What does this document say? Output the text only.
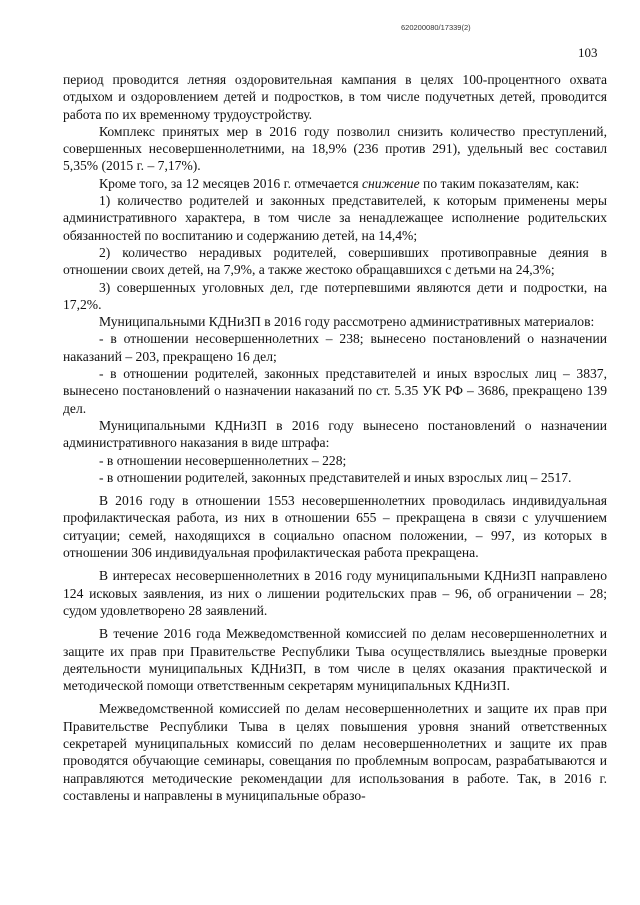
620200080/17339(2)
103

период проводится летняя оздоровительная кампания в целях 100-процентного охвата отдыхом и оздоровлением детей и подростков, в том числе подучетных детей, проводится работа по их временному трудоустройству.

Комплекс принятых мер в 2016 году позволил снизить количество преступлений, совершенных несовершеннолетними, на 18,9% (236 против 291), удельный вес составил 5,35% (2015 г. – 7,17%).

Кроме того, за 12 месяцев 2016 г. отмечается снижение по таким показателям, как:

1) количество родителей и законных представителей, к которым применены меры административного характера, в том числе за ненадлежащее исполнение родительских обязанностей по воспитанию и содержанию детей, на 14,4%;

2) количество нерадивых родителей, совершивших противоправные деяния в отношении своих детей, на 7,9%, а также жестоко обращавшихся с детьми на 24,3%;

3) совершенных уголовных дел, где потерпевшими являются дети и подростки, на 17,2%.

Муниципальными КДНиЗП в 2016 году рассмотрено административных материалов:

- в отношении несовершеннолетних – 238; вынесено постановлений о назначении наказаний – 203, прекращено 16 дел;

- в отношении родителей, законных представителей и иных взрослых лиц – 3837, вынесено постановлений о назначении наказаний по ст. 5.35 УК РФ – 3686, прекращено 139 дел.

Муниципальными КДНиЗП в 2016 году вынесено постановлений о назначении административного наказания в виде штрафа:

- в отношении несовершеннолетних – 228;

- в отношении родителей, законных представителей и иных взрослых лиц – 2517.

В 2016 году в отношении 1553 несовершеннолетних проводилась индивидуальная профилактическая работа, из них в отношении 655 – прекращена в связи с улучшением ситуации; семей, находящихся в социально опасном положении, – 997, из которых в отношении 306 индивидуальная профилактическая работа прекращена.

В интересах несовершеннолетних в 2016 году муниципальными КДНиЗП направлено 124 исковых заявления, из них о лишении родительских прав – 96, об ограничении – 28; судом удовлетворено 28 заявлений.

В течение 2016 года Межведомственной комиссией по делам несовершеннолетних и защите их прав при Правительстве Республики Тыва осуществлялись выездные проверки деятельности муниципальных КДНиЗП, в том числе в целях оказания практической и методической помощи ответственным секретарям муниципальных КДНиЗП.

Межведомственной комиссией по делам несовершеннолетних и защите их прав при Правительстве Республики Тыва в целях повышения уровня знаний ответственных секретарей муниципальных комиссий по делам несовершеннолетних и защите их прав проводятся обучающие семинары, совещания по проблемным вопросам, разрабатываются и направляются методические рекомендации для использования в работе. Так, в 2016 г. составлены и направлены в муниципальные образо-
